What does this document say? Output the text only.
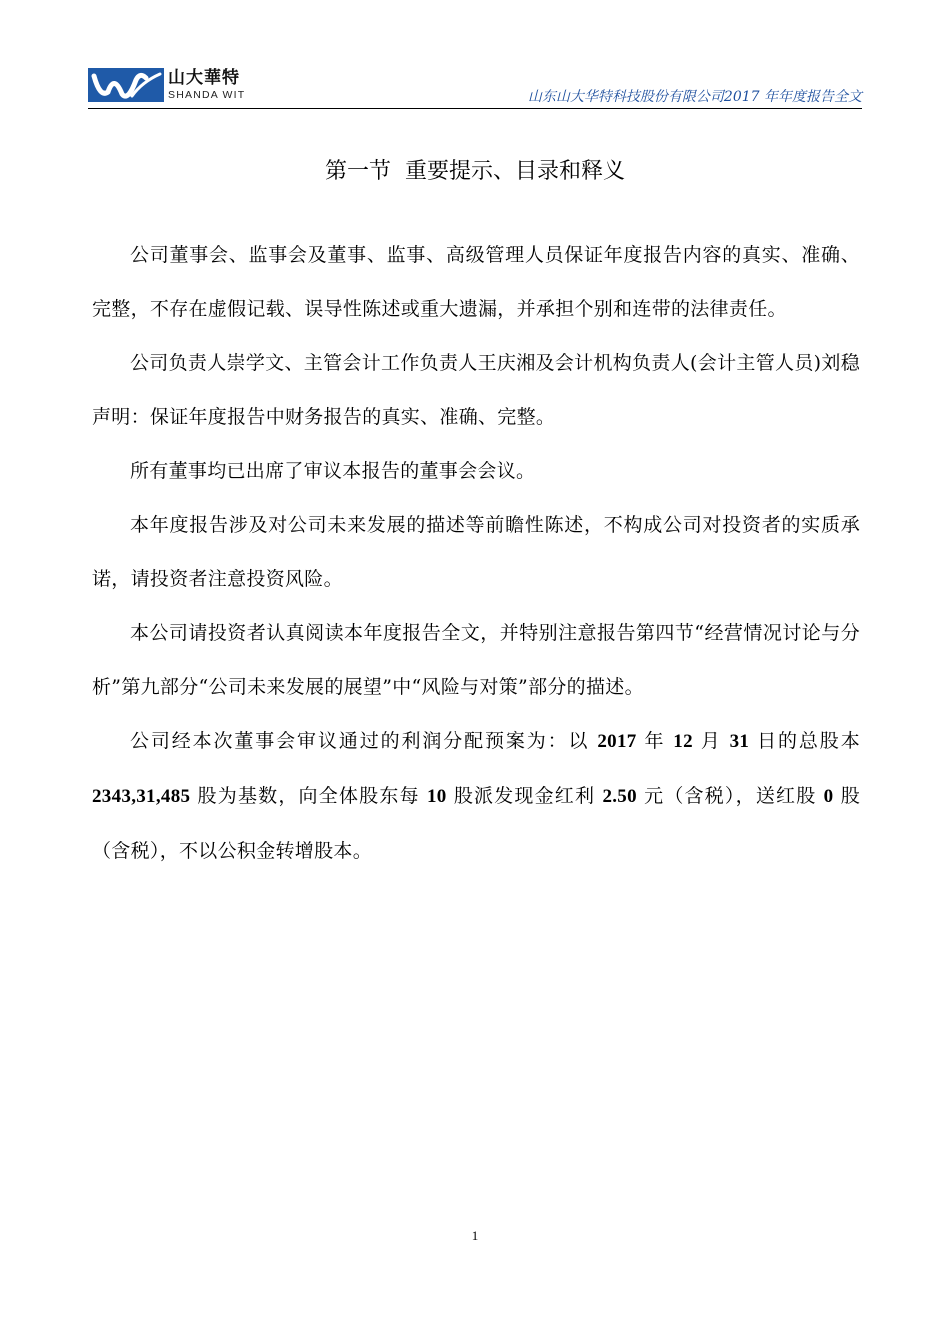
山大華特
SHANDA WIT	山东山大华特科技股份有限公司2017 年年度报告全文
第一节 重要提示、目录和释义

公司董事会、监事会及董事、监事、高级管理人员保证年度报告内容的真实、准确、完整，不存在虚假记载、误导性陈述或重大遗漏，并承担个别和连带的法律责任。

公司负责人崇学文、主管会计工作负责人王庆湘及会计机构负责人(会计主管人员)刘稳声明：保证年度报告中财务报告的真实、准确、完整。

所有董事均已出席了审议本报告的董事会会议。

本年度报告涉及对公司未来发展的描述等前瞻性陈述，不构成公司对投资者的实质承诺，请投资者注意投资风险。

本公司请投资者认真阅读本年度报告全文，并特别注意报告第四节“经营情况讨论与分析”第九部分“公司未来发展的展望”中“风险与对策”部分的描述。

公司经本次董事会审议通过的利润分配预案为：以 2017 年 12 月 31 日的总股本 2343,31,485 股为基数，向全体股东每 10 股派发现金红利 2.50 元（含税），送红股 0 股（含税），不以公积金转增股本。

1
